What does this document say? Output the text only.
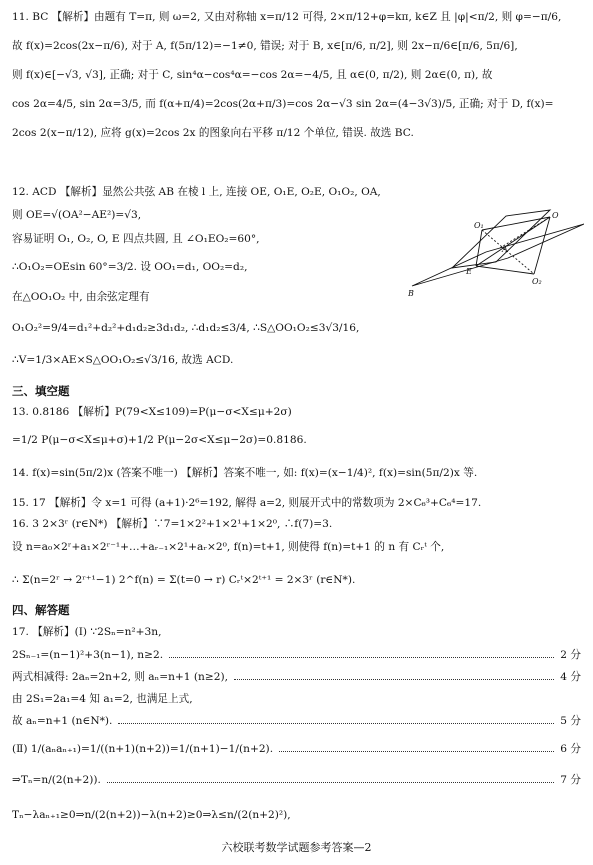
11. BC 【解析】由题有 T=π, 则 ω=2, 又由对称轴 x=π/12 可得, 2×π/12+φ=kπ, k∈Z 且 |φ|<π/2, 则 φ=−π/6,
故 f(x)=2cos(2x−π/6), 对于 A, f(5π/12)=−1≠0, 错误; 对于 B, x∈[π/6, π/2], 则 2x−π/6∈[π/6, 5π/6],
则 f(x)∈[−√3, √3], 正确; 对于 C, sin⁴α−cos⁴α=−cos 2α=−4/5, 且 α∈(0, π/2), 则 2α∈(0, π), 故
cos 2α=4/5, sin 2α=3/5, 而 f(α+π/4)=2cos(2α+π/3)=cos 2α−√3 sin 2α=(4−3√3)/5, 正确; 对于 D, f(x)=
2cos 2(x−π/12), 应将 g(x)=2cos 2x 的图象向右平移 π/12 个单位, 错误. 故选 BC.
12. ACD 【解析】显然公共弦 AB 在棱 l 上, 连接 OE, O₁E, O₂E, O₁O₂, OA,
则 OE=√(OA²−AE²)=√3,
容易证明 O₁, O₂, O, E 四点共圆, 且 ∠O₁EO₂=60°,
∴O₁O₂=OEsin 60°=3/2. 设 OO₁=d₁, OO₂=d₂,
在△OO₁O₂ 中, 由余弦定理有
O₁O₂²=9/4=d₁²+d₂²+d₁d₂≥3d₁d₂, ∴d₁d₂≤3/4, ∴S△OO₁O₂≤3√3/16,
∴V=1/3×AE×S△OO₁O₂≤√3/16, 故选 ACD.
三、填空题
13. 0.8186 【解析】P(79<X≤109)=P(μ−σ<X≤μ+2σ)
=1/2 P(μ−σ<X≤μ+σ)+1/2 P(μ−2σ<X≤μ−2σ)=0.8186.
14. f(x)=sin(5π/2)x (答案不唯一) 【解析】答案不唯一, 如: f(x)=(x−1/4)², f(x)=sin(5π/2)x 等.
15. 17 【解析】令 x=1 可得 (a+1)·2⁶=192, 解得 a=2, 则展开式中的常数项为 2×C₆³+C₆⁴=17.
16. 3 2×3ʳ (r∈N*) 【解析】∵7=1×2²+1×2¹+1×2⁰, ∴f(7)=3.
设 n=a₀×2ʳ+a₁×2ʳ⁻¹+…+aᵣ₋₁×2¹+aᵣ×2⁰, f(n)=t+1, 则使得 f(n)=t+1 的 n 有 Cᵣᵗ 个,
∴ Σ(n=2ʳ → 2ʳ⁺¹−1) 2^f(n) = Σ(t=0 → r) Cᵣᵗ×2ᵗ⁺¹ = 2×3ʳ (r∈N*).
四、解答题
17. 【解析】(Ⅰ) ∵2Sₙ=n²+3n,
2Sₙ₋₁=(n−1)²+3(n−1), n≥2.	2 分
两式相减得: 2aₙ=2n+2, 则 aₙ=n+1 (n≥2),	4 分
由 2S₁=2a₁=4 知 a₁=2, 也满足上式,
故 aₙ=n+1 (n∈N*).	5 分
(Ⅱ) 1/(aₙaₙ₊₁)=1/((n+1)(n+2))=1/(n+1)−1/(n+2).	6 分
⇒Tₙ=n/(2(n+2)).	7 分
Tₙ−λaₙ₊₁≥0⇒n/(2(n+2))−λ(n+2)≥0⇒λ≤n/(2(n+2)²),
O
O₁
O₂
A
E
B
六校联考数学试题参考答案—2
